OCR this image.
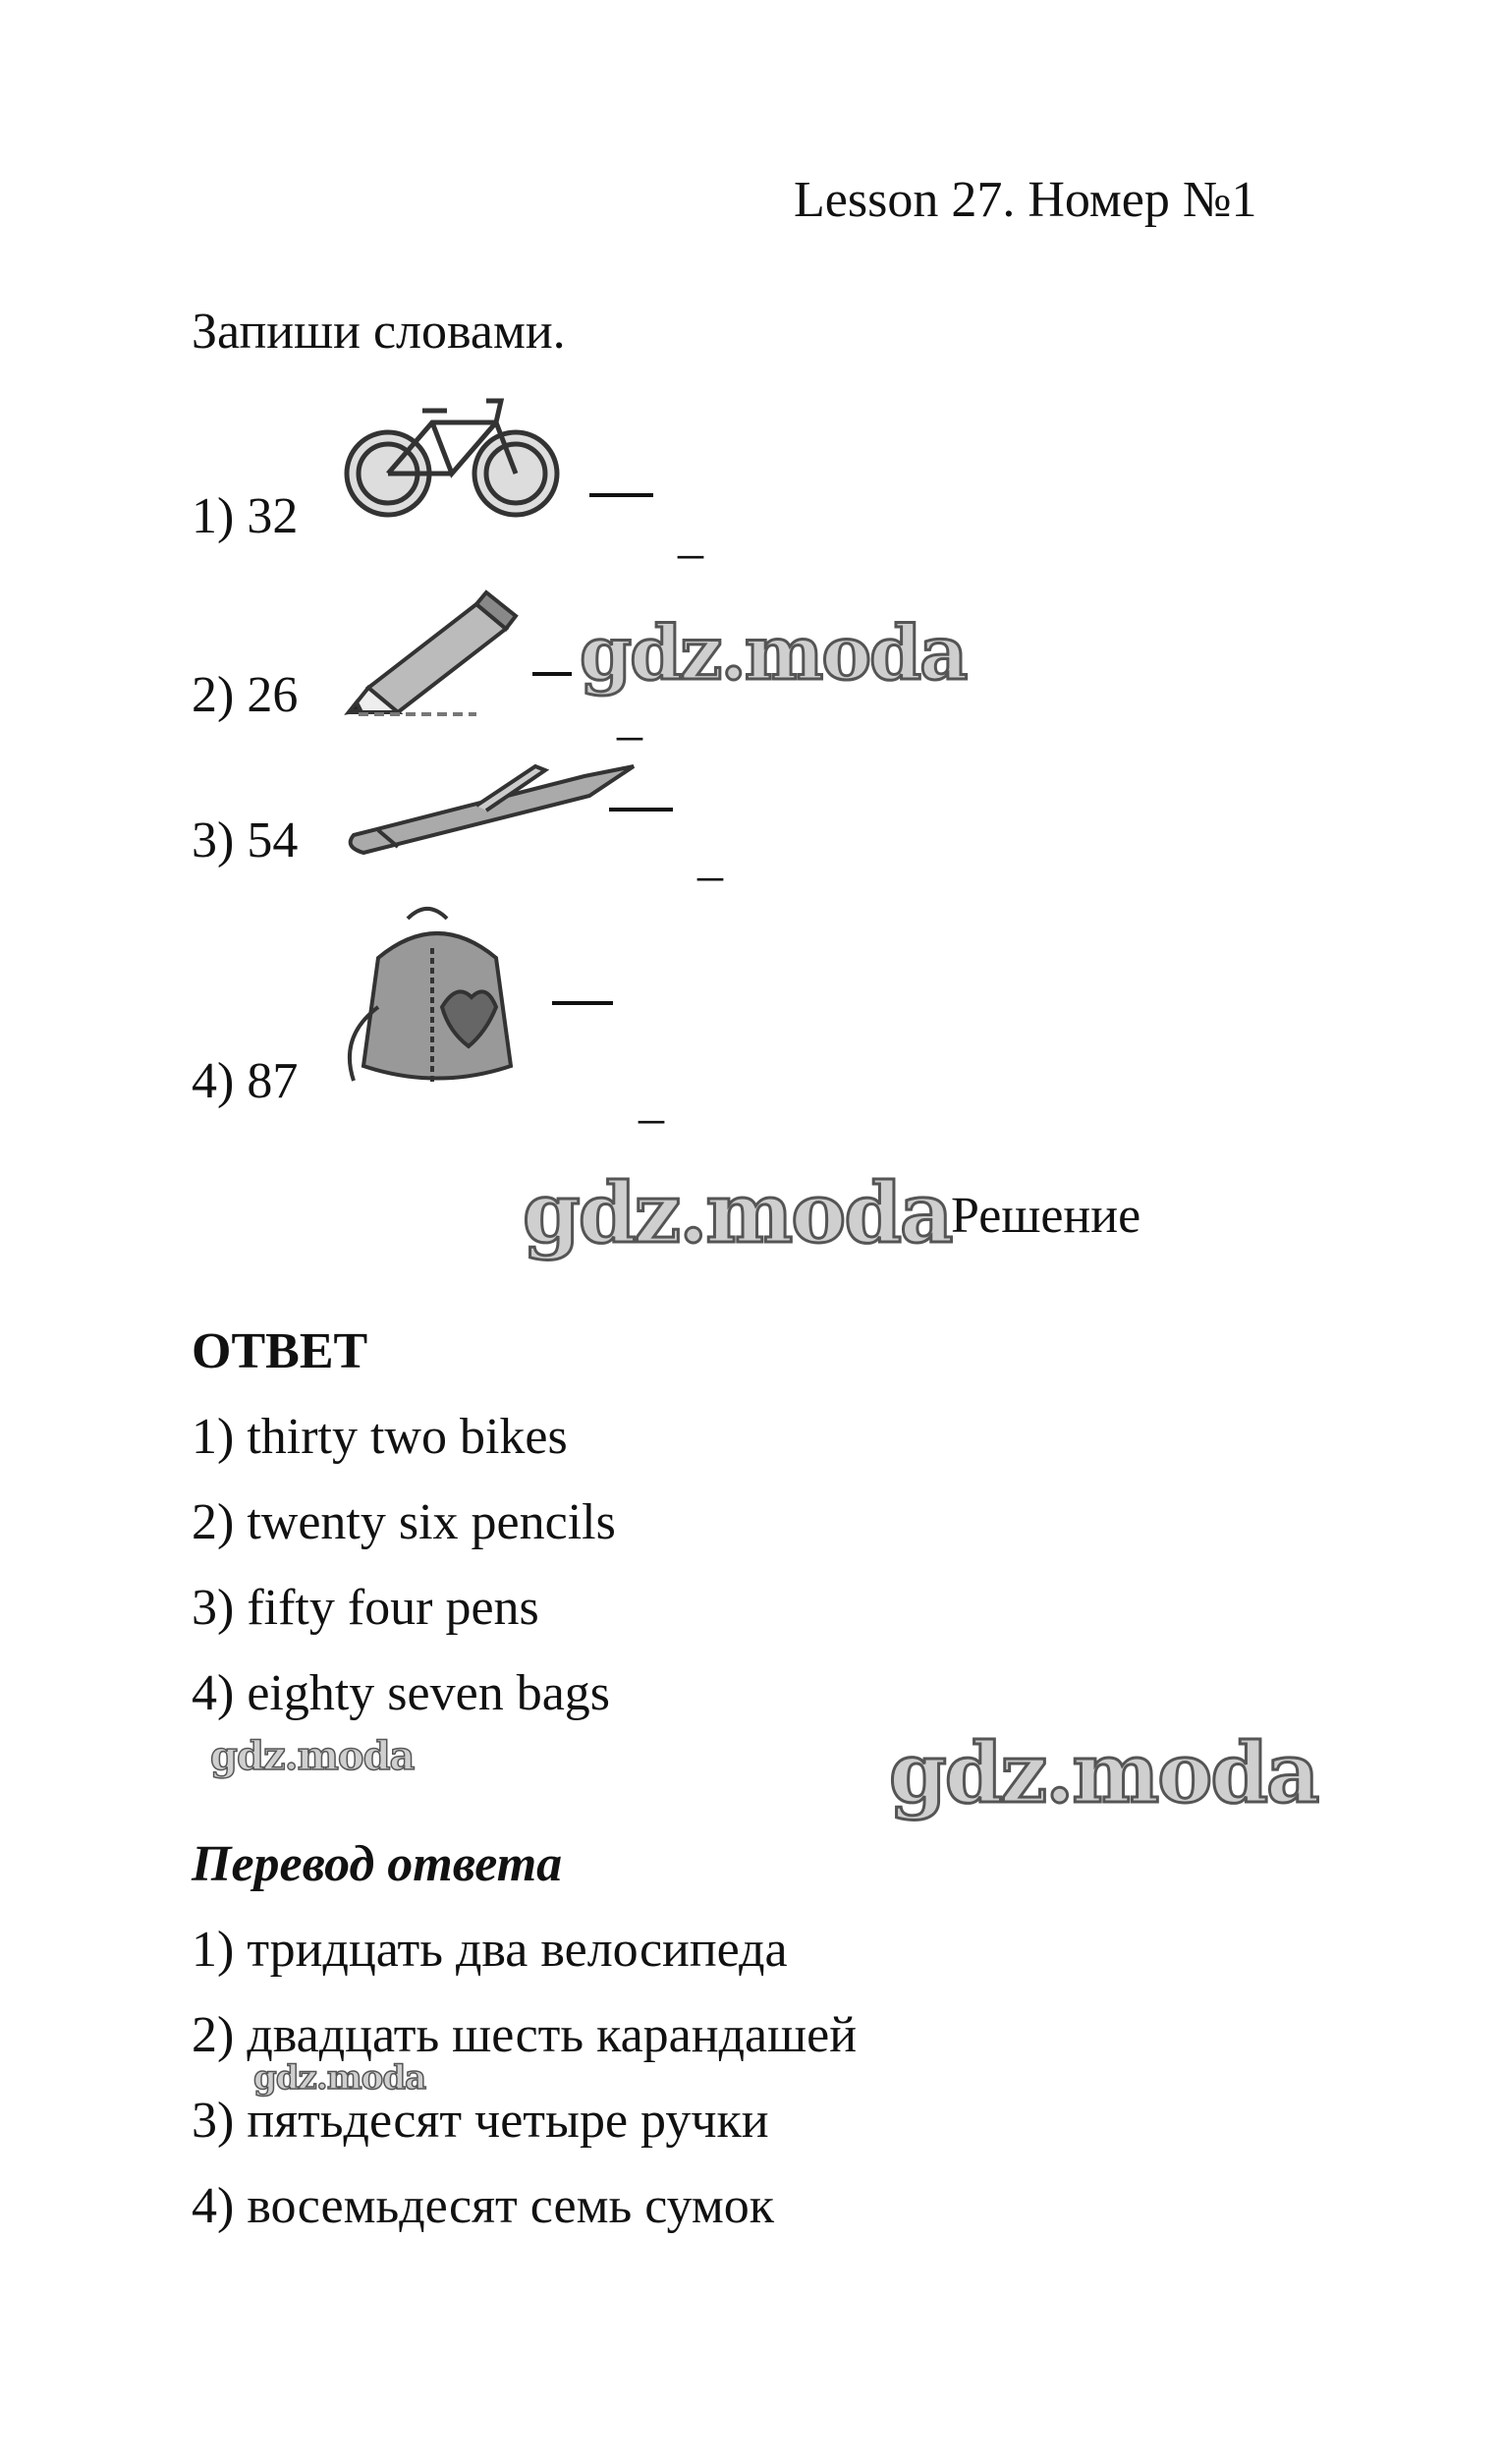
Lesson 27. Номер №1
Запиши словами.
1) 32	_
2) 26	_
3) 54	_
4) 87	_
gdz.moda
gdz.moda Решение
ОТВЕТ
1) thirty two bikes
2) twenty six pencils
3) fifty four pens
4) eighty seven bags
gdz.moda	gdz.moda
Перевод ответа
1) тридцать два велосипеда
2) двадцать шесть карандашей
gdz.moda
3) пятьдесят четыре ручки
4) восемьдесят семь сумок
